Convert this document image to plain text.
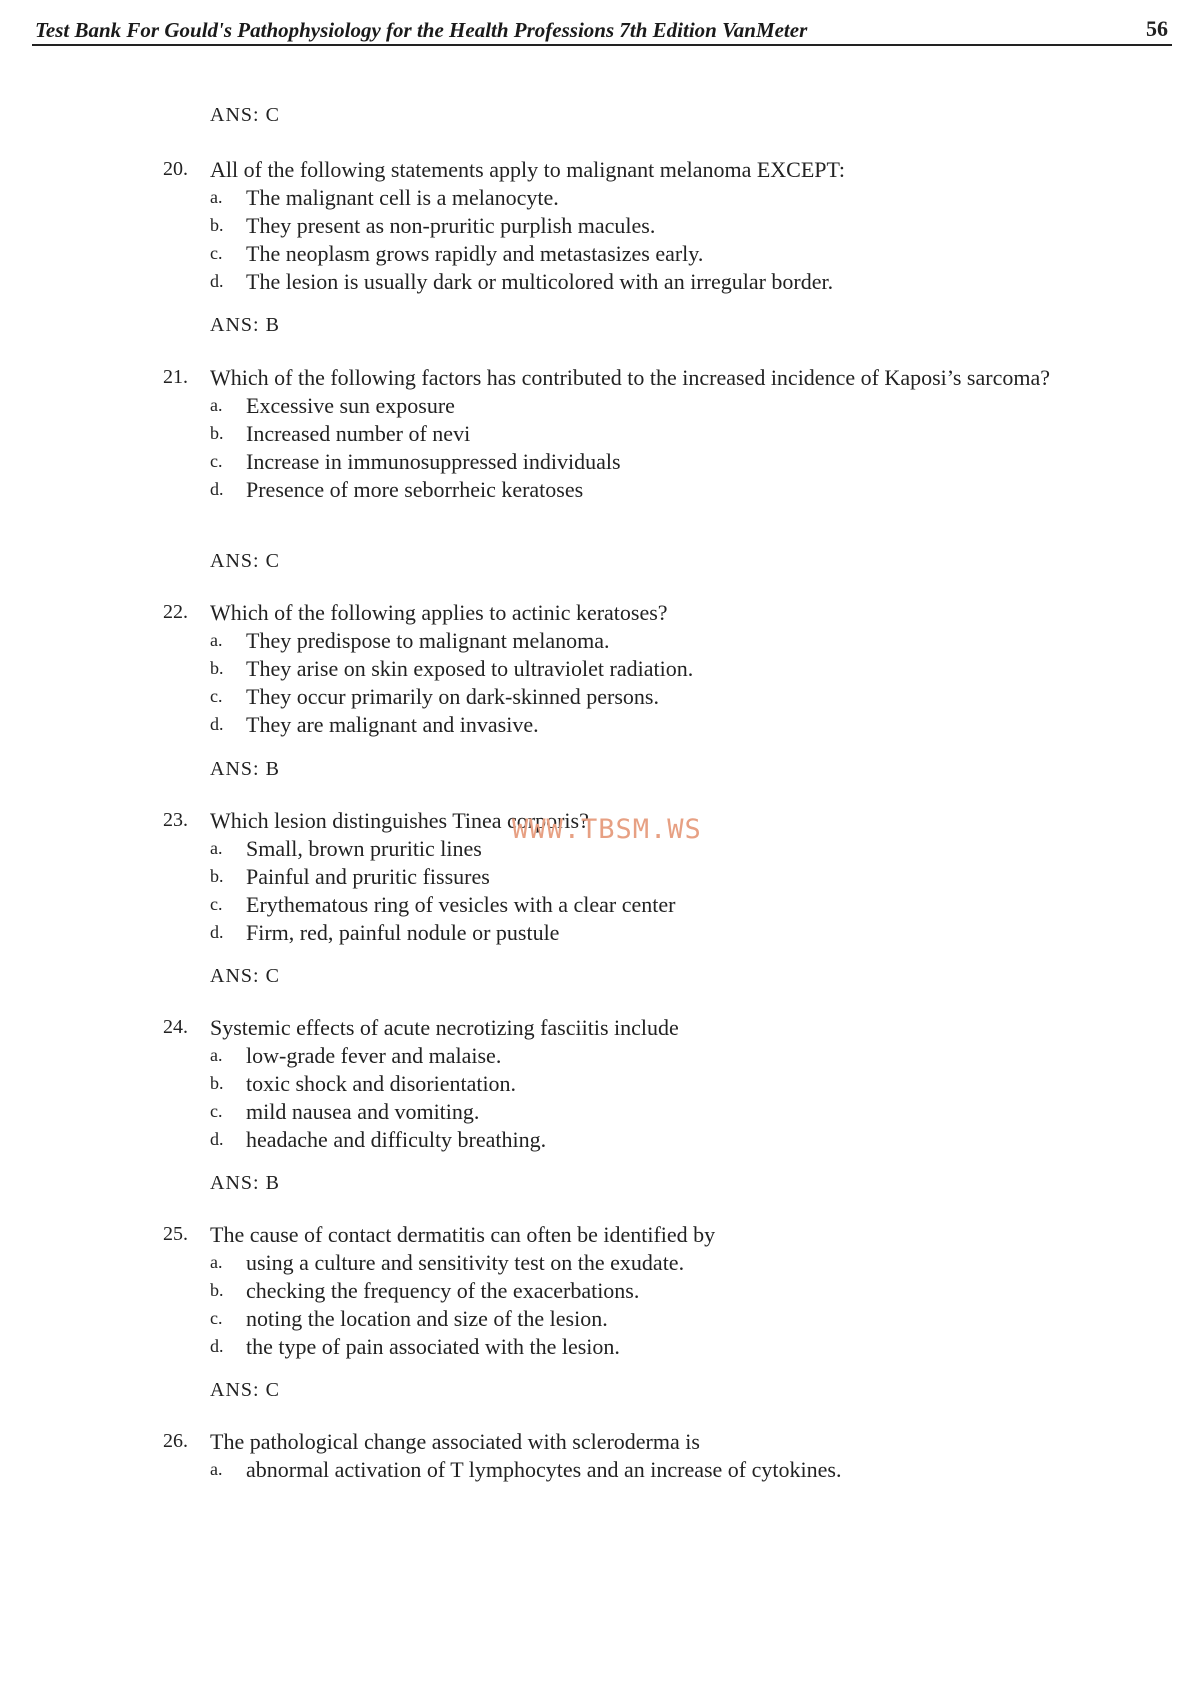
Test Bank For Gould's Pathophysiology for the Health Professions 7th Edition VanMeter	56
ANS: C
20.	All of the following statements apply to malignant melanoma EXCEPT:
a. The malignant cell is a melanocyte.
b. They present as non-pruritic purplish macules.
c. The neoplasm grows rapidly and metastasizes early.
d. The lesion is usually dark or multicolored with an irregular border.
ANS: B
21.	Which of the following factors has contributed to the increased incidence of Kaposi’s sarcoma?
a. Excessive sun exposure
b. Increased number of nevi
c. Increase in immunosuppressed individuals
d. Presence of more seborrheic keratoses
ANS: C
22.	Which of the following applies to actinic keratoses?
a. They predispose to malignant melanoma.
b. They arise on skin exposed to ultraviolet radiation.
c. They occur primarily on dark-skinned persons.
d. They are malignant and invasive.
ANS: B
23.	Which lesion distinguishes Tinea corporis?
a. Small, brown pruritic lines
b. Painful and pruritic fissures
c. Erythematous ring of vesicles with a clear center
d. Firm, red, painful nodule or pustule
ANS: C
24.	Systemic effects of acute necrotizing fasciitis include
a. low-grade fever and malaise.
b. toxic shock and disorientation.
c. mild nausea and vomiting.
d. headache and difficulty breathing.
ANS: B
25.	The cause of contact dermatitis can often be identified by
a. using a culture and sensitivity test on the exudate.
b. checking the frequency of the exacerbations.
c. noting the location and size of the lesion.
d. the type of pain associated with the lesion.
ANS: C
26.	The pathological change associated with scleroderma is
a. abnormal activation of T lymphocytes and an increase of cytokines.
WWW.TBSM.WS
